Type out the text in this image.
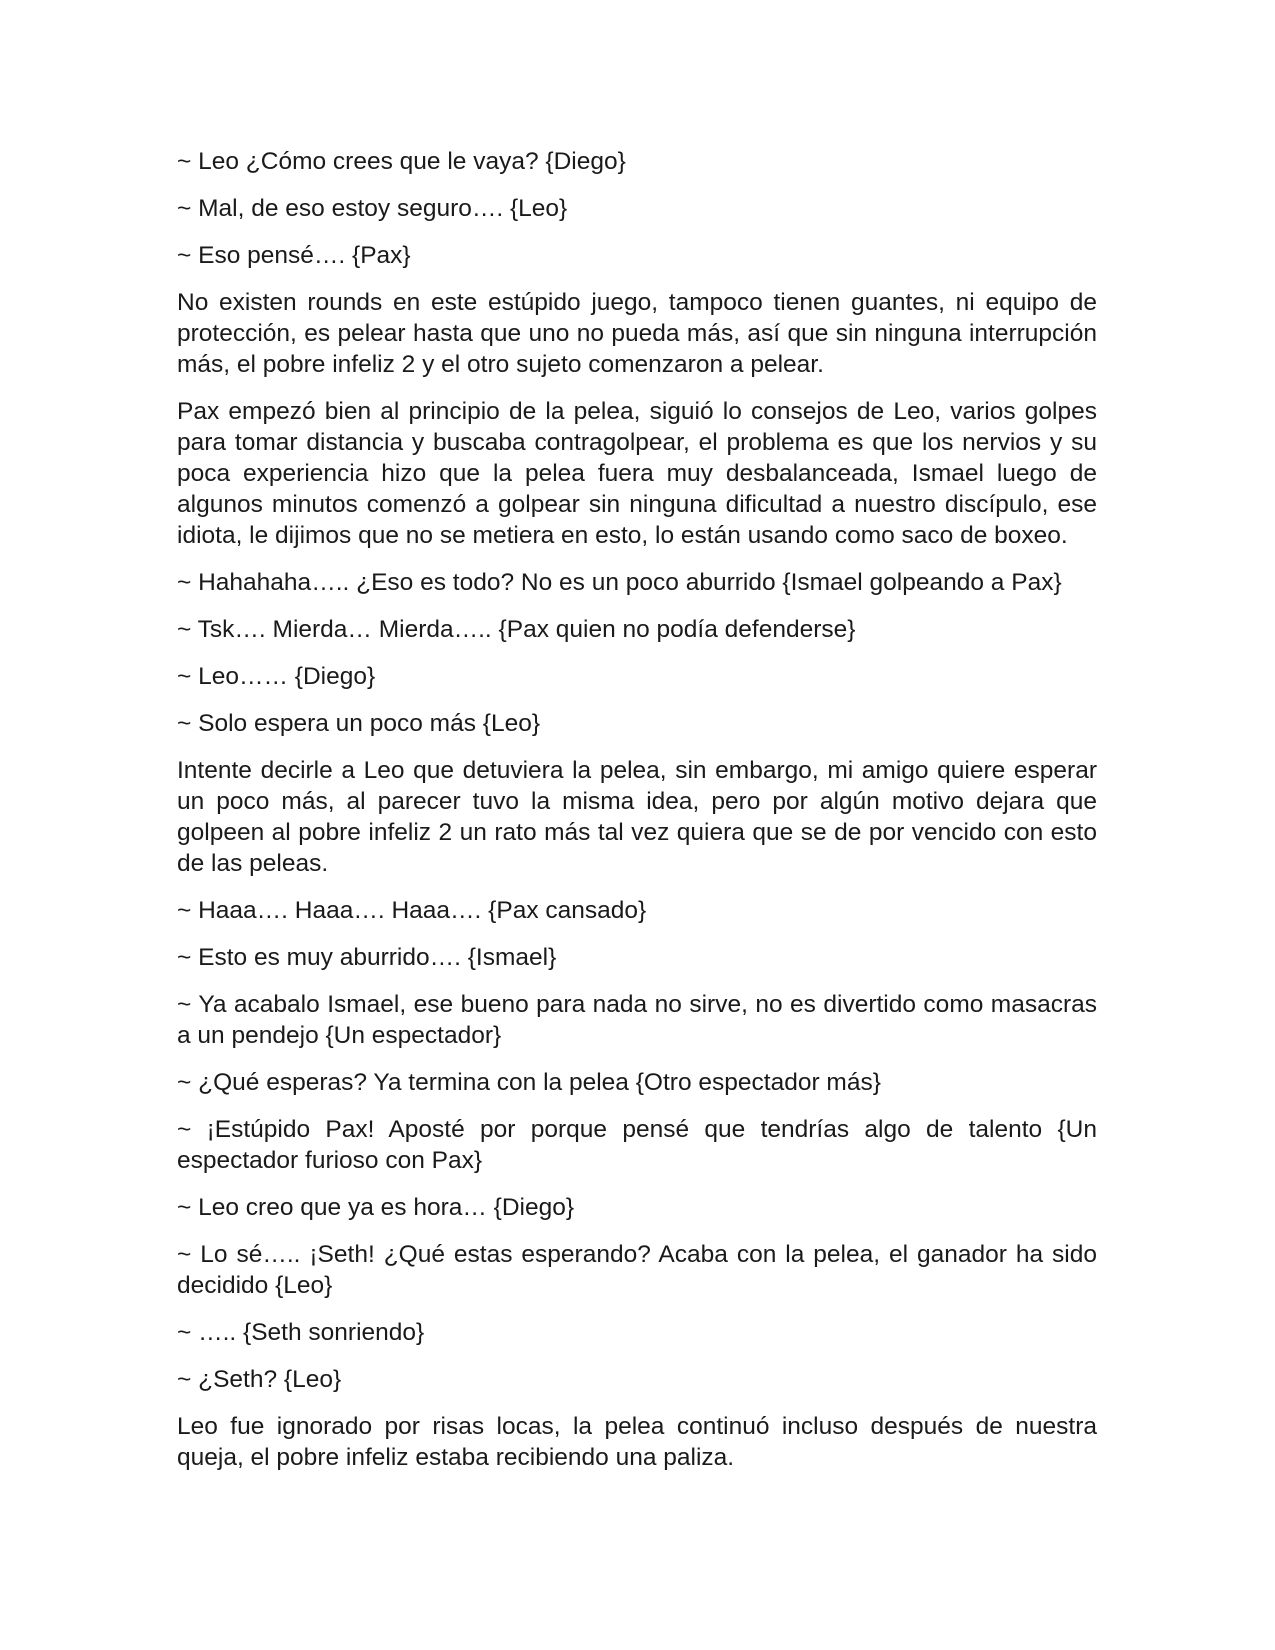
~ Leo ¿Cómo crees que le vaya? {Diego}

~ Mal, de eso estoy seguro…. {Leo}

~ Eso pensé…. {Pax}

No existen rounds en este estúpido juego, tampoco tienen guantes, ni equipo de protección, es pelear hasta que uno no pueda más, así que sin ninguna interrupción más, el pobre infeliz 2 y el otro sujeto comenzaron a pelear.

Pax empezó bien al principio de la pelea, siguió lo consejos de Leo, varios golpes para tomar distancia y buscaba contragolpear, el problema es que los nervios y su poca experiencia hizo que la pelea fuera muy desbalanceada, Ismael luego de algunos minutos comenzó a golpear sin ninguna dificultad a nuestro discípulo, ese idiota, le dijimos que no se metiera en esto, lo están usando como saco de boxeo.

~ Hahahaha….. ¿Eso es todo? No es un poco aburrido {Ismael golpeando a Pax}

~ Tsk…. Mierda… Mierda….. {Pax quien no podía defenderse}

~ Leo…… {Diego}

~ Solo espera un poco más {Leo}

Intente decirle a Leo que detuviera la pelea, sin embargo, mi amigo quiere esperar un poco más, al parecer tuvo la misma idea, pero por algún motivo dejara que golpeen al pobre infeliz 2 un rato más tal vez quiera que se de por vencido con esto de las peleas.

~ Haaa…. Haaa…. Haaa…. {Pax cansado}

~ Esto es muy aburrido…. {Ismael}

~ Ya acabalo Ismael, ese bueno para nada no sirve, no es divertido como masacras a un pendejo {Un espectador}

~ ¿Qué esperas? Ya termina con la pelea {Otro espectador más}

~ ¡Estúpido Pax! Aposté por porque pensé que tendrías algo de talento {Un espectador furioso con Pax}

~ Leo creo que ya es hora… {Diego}

~ Lo sé….. ¡Seth! ¿Qué estas esperando? Acaba con la pelea, el ganador ha sido decidido {Leo}

~ ….. {Seth sonriendo}

~ ¿Seth? {Leo}

Leo fue ignorado por risas locas, la pelea continuó incluso después de nuestra queja, el pobre infeliz estaba recibiendo una paliza.
